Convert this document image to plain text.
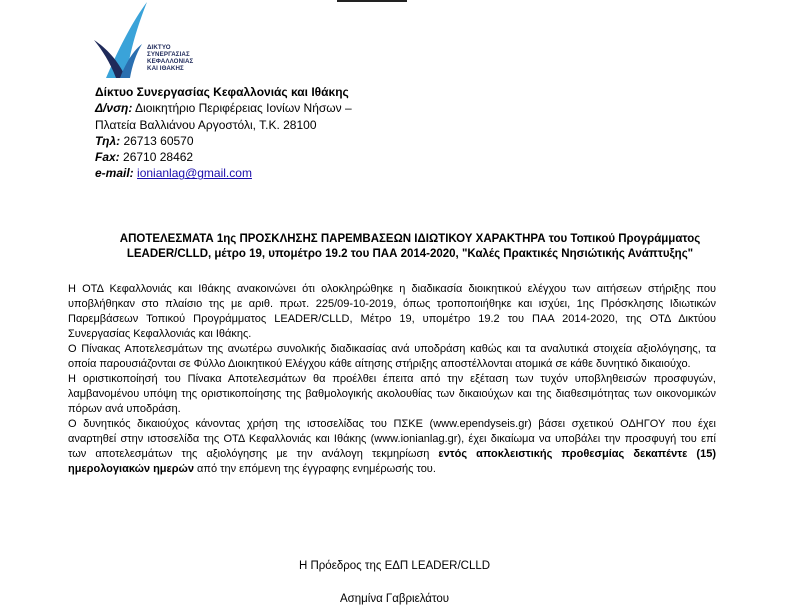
ΔΙΚΤΥΟ
ΣΥΝΕΡΓΑΣΙΑΣ
ΚΕΦΑΛΛΟΝΙΑΣ
ΚΑΙ ΙΘΑΚΗΣ
Δίκτυο Συνεργασίας Κεφαλλονιάς και Ιθάκης
Δ/νση: Διοικητήριο Περιφέρειας Ιονίων Νήσων –
Πλατεία Βαλλιάνου Αργοστόλι, Τ.Κ. 28100
Τηλ: 26713 60570
Fax: 26710 28462
e-mail: ionianlag@gmail.com
ΑΠΟΤΕΛΕΣΜΑΤΑ 1ης ΠΡΟΣΚΛΗΣΗΣ ΠΑΡΕΜΒΑΣΕΩΝ ΙΔΙΩΤΙΚΟΥ ΧΑΡΑΚΤΗΡΑ του Τοπικού Προγράμματος
LEADER/CLLD, μέτρο 19, υπομέτρο 19.2 του ΠΑΑ 2014-2020, "Καλές Πρακτικές Νησιώτικής Ανάπτυξης"

Η ΟΤΔ Κεφαλλονιάς και Ιθάκης ανακοινώνει ότι ολοκληρώθηκε η διαδικασία διοικητικού ελέγχου των αιτήσεων στήριξης που υποβλήθηκαν στο πλαίσιο της με αριθ. πρωτ. 225/09-10-2019, όπως τροποποιήθηκε και ισχύει, 1ης Πρόσκλησης Ιδιωτικών Παρεμβάσεων Τοπικού Προγράμματος LEADER/CLLD, Μέτρο 19, υπομέτρο 19.2 του ΠΑΑ 2014-2020, της ΟΤΔ Δικτύου Συνεργασίας Κεφαλλονιάς και Ιθάκης.

Ο Πίνακας Αποτελεσμάτων της ανωτέρω συνολικής διαδικασίας ανά υποδράση καθώς και τα αναλυτικά στοιχεία αξιολόγησης, τα οποία παρουσιάζονται σε Φύλλο Διοικητικού Ελέγχου κάθε αίτησης στήριξης αποστέλλονται ατομικά σε κάθε δυνητικό δικαιούχο.

Η οριστικοποίησή του Πίνακα Αποτελεσμάτων θα προέλθει έπειτα από την εξέταση των τυχόν υποβληθεισών προσφυγών, λαμβανομένου υπόψη της οριστικοποίησης της βαθμολογικής ακολουθίας των δικαιούχων και της διαθεσιμότητας των οικονομικών πόρων ανά υποδράση.

Ο δυνητικός δικαιούχος κάνοντας χρήση της ιστοσελίδας του ΠΣΚΕ (www.ependyseis.gr) βάσει σχετικού ΟΔΗΓΟΥ που έχει αναρτηθεί στην ιστοσελίδα της ΟΤΔ Κεφαλλονιάς και Ιθάκης (www.ionianlag.gr), έχει δικαίωμα να υποβάλει την προσφυγή του επί των αποτελεσμάτων της αξιολόγησης με την ανάλογη τεκμηρίωση εντός αποκλειστικής προθεσμίας δεκαπέντε (15) ημερολογιακών ημερών από την επόμενη της έγγραφης ενημέρωσής του.

Η Πρόεδρος της ΕΔΠ LEADER/CLLD
Ασημίνα Γαβριελάτου
